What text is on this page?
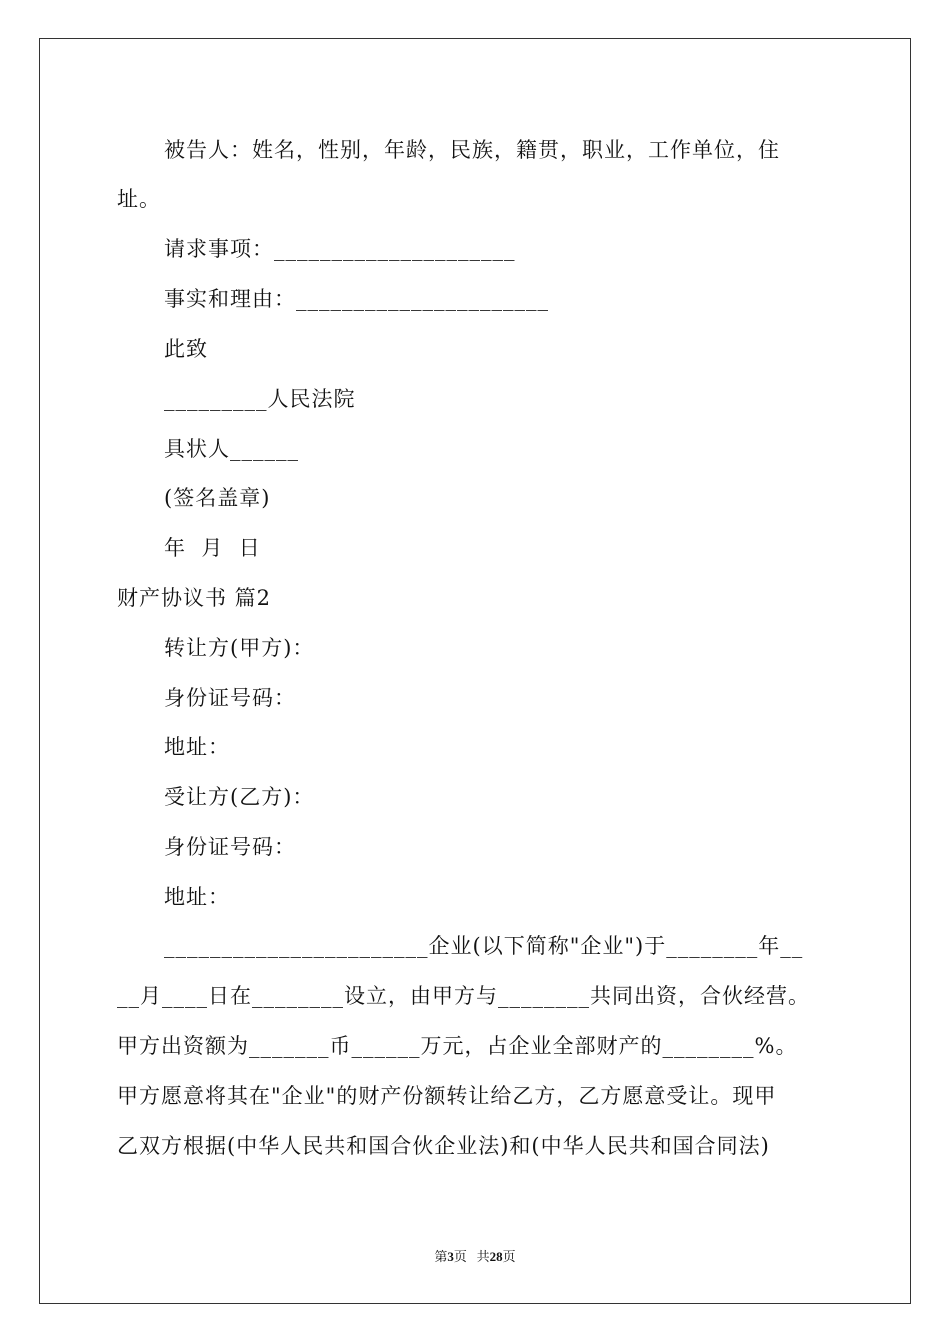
被告人：姓名，性别，年龄，民族，籍贯，职业，工作单位，住
址。
请求事项：_____________________
事实和理由：______________________
此致
_________人民法院
具状人______
(签名盖章)
年  月  日
财产协议书 篇2
转让方(甲方)：
身份证号码：
地址：
受让方(乙方)：
身份证号码：
地址：
_______________________企业(以下简称"企业")于________年__
__月____日在________设立，由甲方与________共同出资，合伙经营。
甲方出资额为_______币______万元，占企业全部财产的________%。
甲方愿意将其在"企业"的财产份额转让给乙方，乙方愿意受让。现甲
乙双方根据(中华人民共和国合伙企业法)和(中华人民共和国合同法)
第3页 共28页
